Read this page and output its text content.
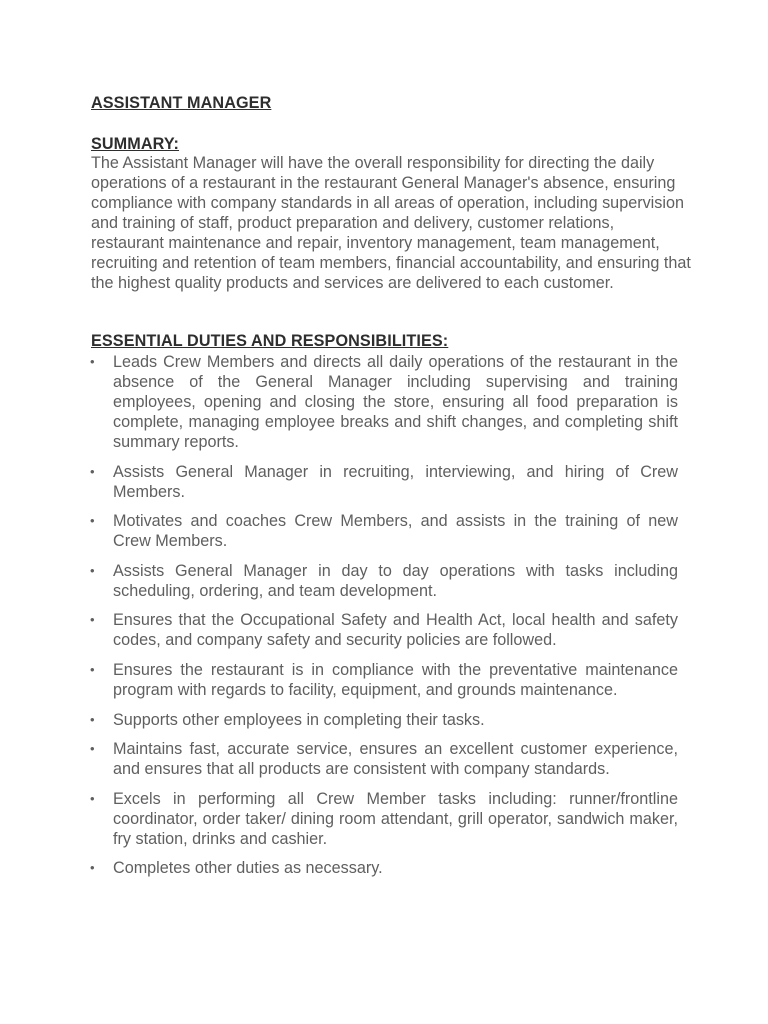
ASSISTANT MANAGER
SUMMARY:
The Assistant Manager will have the overall responsibility for directing the daily operations of a restaurant in the restaurant General Manager's absence, ensuring compliance with company standards in all areas of operation, including supervision and training of staff, product preparation and delivery, customer relations, restaurant maintenance and repair, inventory management, team management, recruiting and retention of team members, financial accountability, and ensuring that the highest quality products and services are delivered to each customer.
ESSENTIAL DUTIES AND RESPONSIBILITIES:
•	Leads Crew Members and directs all daily operations of the restaurant in the absence of the General Manager including supervising and training employees, opening and closing the store, ensuring all food preparation is complete, managing employee breaks and shift changes, and completing shift summary reports.
•	Assists General Manager in recruiting, interviewing, and hiring of Crew Members.
•	Motivates and coaches Crew Members, and assists in the training of new Crew Members.
•	Assists General Manager in day to day operations with tasks including scheduling, ordering, and team development.
•	Ensures that the Occupational Safety and Health Act, local health and safety codes, and company safety and security policies are followed.
•	Ensures the restaurant is in compliance with the preventative maintenance program with regards to facility, equipment, and grounds maintenance.
•	Supports other employees in completing their tasks.
•	Maintains fast, accurate service, ensures an excellent customer experience, and ensures that all products are consistent with company standards.
•	Excels in performing all Crew Member tasks including: runner/frontline coordinator, order taker/ dining room attendant, grill operator, sandwich maker, fry station, drinks and cashier.
•	Completes other duties as necessary.
